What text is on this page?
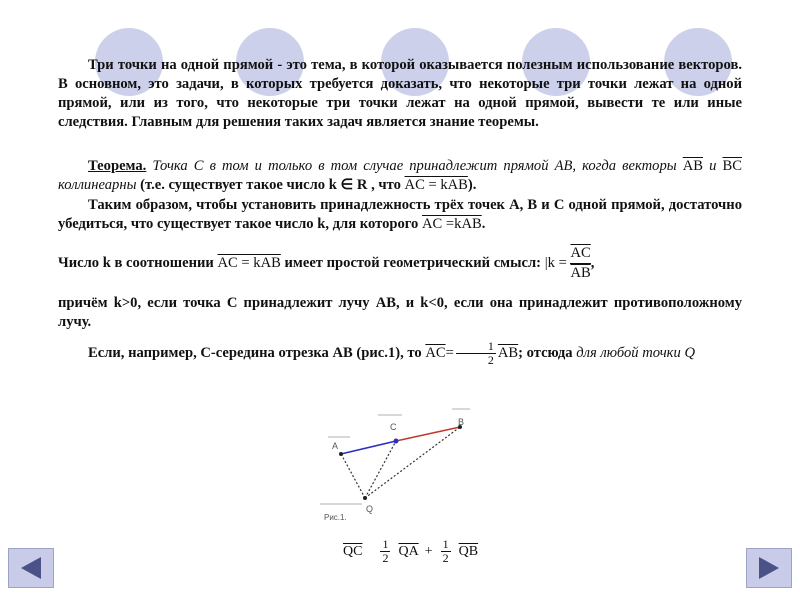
Три точки на одной прямой - это тема, в которой оказывается полезным использование векторов. В основном, это задачи, в которых требуется доказать, что некоторые три точки лежат на одной прямой, или из того, что некоторые три точки лежат на одной прямой, вывести те или иные следствия. Главным для решения таких задач является знание теоремы.
Теорема. Точка С в том и только в том случае принадлежит прямой АВ, когда векторы $\overline{AB}$ и $\overline{BC}$ коллинеарны (т.е. существует такое число k ∈ R , что AC = kAB).
Таким образом, чтобы установить принадлежность трёх точек А, В и С одной прямой, достаточно убедиться, что существует такое число k, для которого AC =kAB.
Число k в соотношении AC = kAB имеет простой геометрический смысл: $|k = \frac{\overline{AC}}{AB}$,
причём k>0, если точка С принадлежит лучу АВ, и k<0, если она принадлежит противоположному лучу.
Если, например, С-середина отрезка АВ (рис.1), то $\overline{AC}= \frac{1}{2} \overline{AB}$; отсюда для любой точки Q
A
C	B
Q
Рис.1.
$\overline{QC} \frac{1}{2} \overline{QA} + \frac{1}{2} \overline{QB}$
